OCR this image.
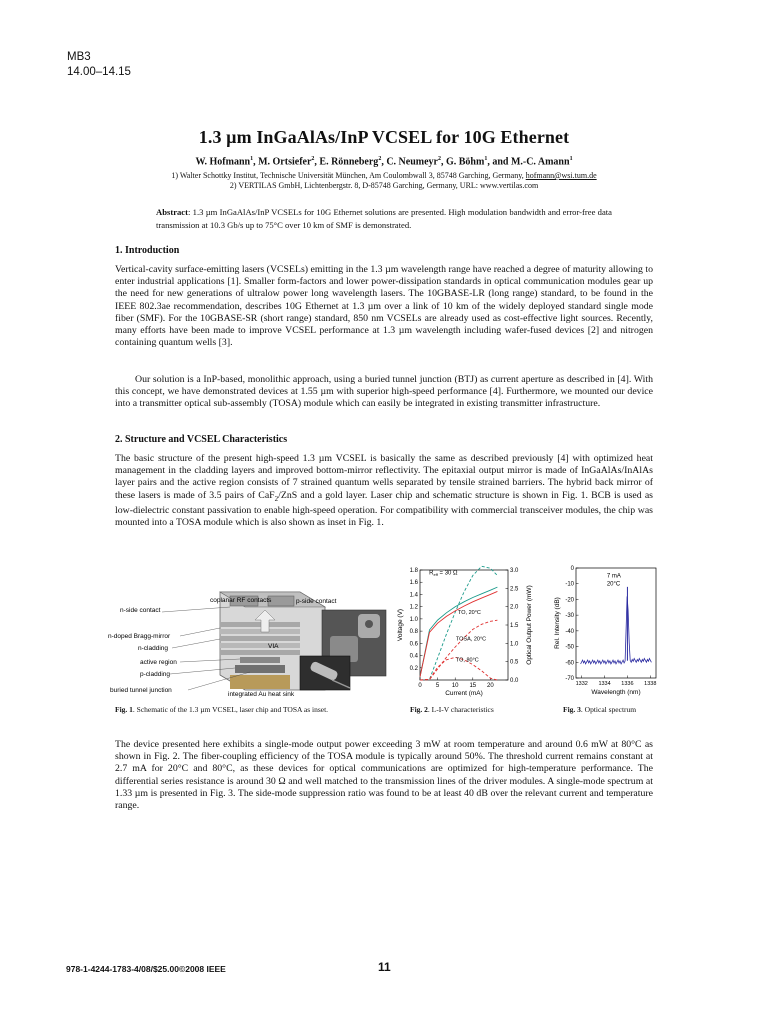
MB3
14.00–14.15
1.3 µm InGaAlAs/InP VCSEL for 10G Ethernet
W. Hofmann$^1$, M. Ortsiefer$^2$, E. Rönneberg$^2$, C. Neumeyr$^2$, G. Böhm$^1$, and M.-C. Amann$^1$
1) Walter Schottky Institut, Technische Universität München, Am Coulombwall 3, 85748 Garching, Germany, hofmann@wsi.tum.de
2) VERTILAS GmbH, Lichtenbergstr. 8, D-85748 Garching, Germany, URL: www.vertilas.com
Abstract: 1.3 µm InGaAlAs/InP VCSELs for 10G Ethernet solutions are presented. High modulation bandwidth and error-free data transmission at 10.3 Gb/s up to 75°C over 10 km of SMF is demonstrated.
1. Introduction

Vertical-cavity surface-emitting lasers (VCSELs) emitting in the 1.3 µm wavelength range have reached a degree of maturity allowing to enter industrial applications [1]. Smaller form-factors and lower power-dissipation standards in optical communication modules gear up the need for new generations of ultralow power long wavelength lasers. The 10GBASE-LR (long range) standard, to be found in the IEEE 802.3ae recommendation, describes 10G Ethernet at 1.3 µm over a link of 10 km of the widely deployed standard single mode fiber (SMF). For the 10GBASE-SR (short range) standard, 850 nm VCSELs are already used as cost-effective light sources. Recently, many efforts have been made to improve VCSEL performance at 1.3 µm wavelength including wafer-fused devices [2] and nitrogen containing quantum wells [3].

Our solution is a InP-based, monolithic approach, using a buried tunnel junction (BTJ) as current aperture as described in [4]. With this concept, we have demonstrated devices at 1.55 µm with superior high-speed performance [4]. Furthermore, we mounted our device into a transmitter optical sub-assembly (TOSA) module which can easily be integrated in existing transmitter infrastructure.

2. Structure and VCSEL Characteristics

The basic structure of the present high-speed 1.3 µm VCSEL is basically the same as described previously [4] with optimized heat management in the cladding layers and improved bottom-mirror reflectivity. The epitaxial output mirror is made of InGaAlAs/InAlAs layer pairs and the active region consists of 7 strained quantum wells separated by tensile strained barriers. The hybrid back mirror of these lasers is made of 3.5 pairs of CaF$_2$/ZnS and a gold layer. Laser chip and schematic structure is shown in Fig. 1. BCB is used as low-dielectric constant passivation to enable high-speed operation. For compatibility with commercial transceiver modules, the chip was mounted into a TOSA module which is also shown as inset in Fig. 1.

coplanar RF contacts	p-side contact
n-side contact
n-doped Bragg-mirror
n-cladding
active region
p-cladding
buried tunnel junction
VIA
integrated Au heat sink
0 5 10 15 20
0.2
0.4
0.6
0.8
1.0
1.2
1.4
1.6
1.8
0.0
0.5
1.0
1.5
2.0
2.5
3.0
Current (mA)
Voltage (V)	Optical Output Power (mW)
TO, 20°C
TOSA, 20°C
TO, 80°C
$R_{eff} = 30$ Ω
1332 1334 1336 1338
0
-10
-20
-30
-40
-50
-60
-70
Wavelength (nm)
Rel. Intensity (dB)
7 mA
20°C
Fig. 1. Schematic of the 1.3 µm VCSEL, laser chip and TOSA as inset.	Fig. 2. L-I-V characteristics	Fig. 3. Optical spectrum

The device presented here exhibits a single-mode output power exceeding 3 mW at room temperature and around 0.6 mW at 80°C as shown in Fig. 2. The fiber-coupling efficiency of the TOSA module is typically around 50%. The threshold current remains constant at 2.7 mA for 20°C and 80°C, as these devices for optical communications are optimized for high-temperature performance. The differential series resistance is around 30 Ω and well matched to the transmission lines of the driver modules. A single-mode spectrum at 1.33 µm is presented in Fig. 3. The side-mode suppression ratio was found to be at least 40 dB over the relevant current and temperature range.

978-1-4244-1783-4/08/$25.00©2008 IEEE	11
